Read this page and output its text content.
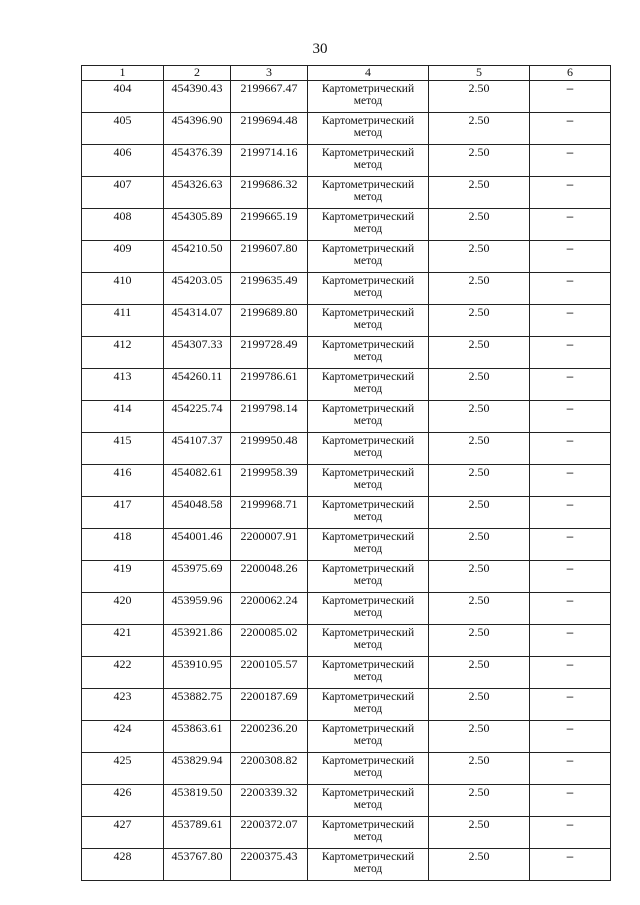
30
1	2	3	4	5	6
404	454390.43	2199667.47	Картометрический метод	2.50	–
405	454396.90	2199694.48	Картометрический метод	2.50	–
406	454376.39	2199714.16	Картометрический метод	2.50	–
407	454326.63	2199686.32	Картометрический метод	2.50	–
408	454305.89	2199665.19	Картометрический метод	2.50	–
409	454210.50	2199607.80	Картометрический метод	2.50	–
410	454203.05	2199635.49	Картометрический метод	2.50	–
411	454314.07	2199689.80	Картометрический метод	2.50	–
412	454307.33	2199728.49	Картометрический метод	2.50	–
413	454260.11	2199786.61	Картометрический метод	2.50	–
414	454225.74	2199798.14	Картометрический метод	2.50	–
415	454107.37	2199950.48	Картометрический метод	2.50	–
416	454082.61	2199958.39	Картометрический метод	2.50	–
417	454048.58	2199968.71	Картометрический метод	2.50	–
418	454001.46	2200007.91	Картометрический метод	2.50	–
419	453975.69	2200048.26	Картометрический метод	2.50	–
420	453959.96	2200062.24	Картометрический метод	2.50	–
421	453921.86	2200085.02	Картометрический метод	2.50	–
422	453910.95	2200105.57	Картометрический метод	2.50	–
423	453882.75	2200187.69	Картометрический метод	2.50	–
424	453863.61	2200236.20	Картометрический метод	2.50	–
425	453829.94	2200308.82	Картометрический метод	2.50	–
426	453819.50	2200339.32	Картометрический метод	2.50	–
427	453789.61	2200372.07	Картометрический метод	2.50	–
428	453767.80	2200375.43	Картометрический метод	2.50	–
